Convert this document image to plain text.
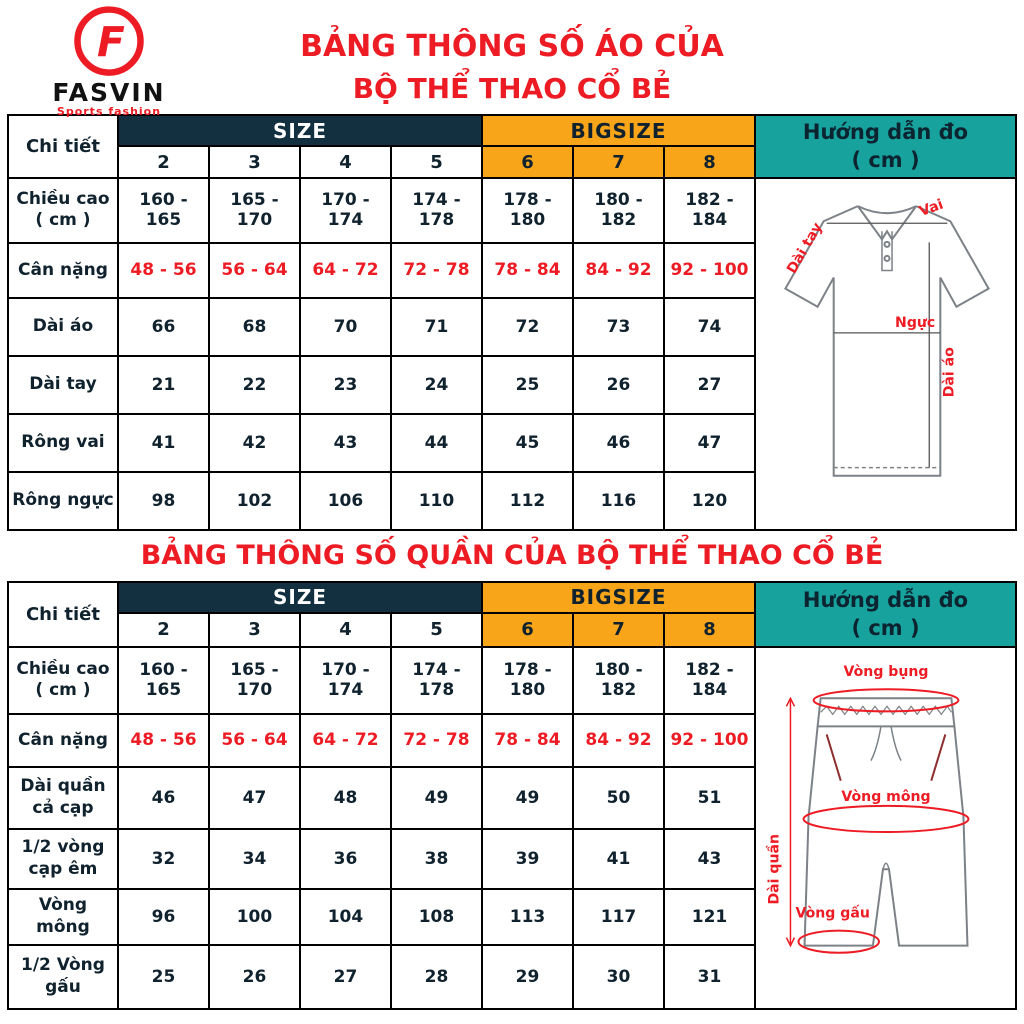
F
FASVIN
Sports fashion
BẢNG THÔNG SỐ ÁO CỦA
BỘ THỂ THAO CỔ BẺ
Chi tiết	SIZE				BIGSIZE			Hướng dẫn đo
( cm )

	2	3	4	5	6	7	8	
Chiều cao ( cm )	160 - 165	165 - 170	170 - 174	174 - 178	178 - 180	180 - 182	182 - 184	Vai
Dài tay
Ngực
Dài áo

Cân nặng	48 - 56	56 - 64	64 - 72	72 - 78	78 - 84	84 - 92	92 - 100	
Dài áo	66	68	70	71	72	73	74	
Dài tay	21	22	23	24	25	26	27	
Rông vai	41	42	43	44	45	46	47	
Rông ngực	98	102	106	110	112	116	120	
BẢNG THÔNG SỐ QUẦN CỦA BỘ THỂ THAO CỔ BẺ
Chi tiết	SIZE				BIGSIZE			Hướng dẫn đo
( cm )

	2	3	4	5	6	7	8	
Chiều cao ( cm )	160 - 165	165 - 170	170 - 174	174 - 178	178 - 180	180 - 182	182 - 184	Vòng bụng
Vòng mông
Dài quần
Vòng gấu

Cân nặng	48 - 56	56 - 64	64 - 72	72 - 78	78 - 84	84 - 92	92 - 100	
Dài quần cả cạp	46	47	48	49	49	50	51	
1/2 vòng cạp êm	32	34	36	38	39	41	43	
Vòng mông	96	100	104	108	113	117	121	
1/2 Vòng gấu	25	26	27	28	29	30	31	
